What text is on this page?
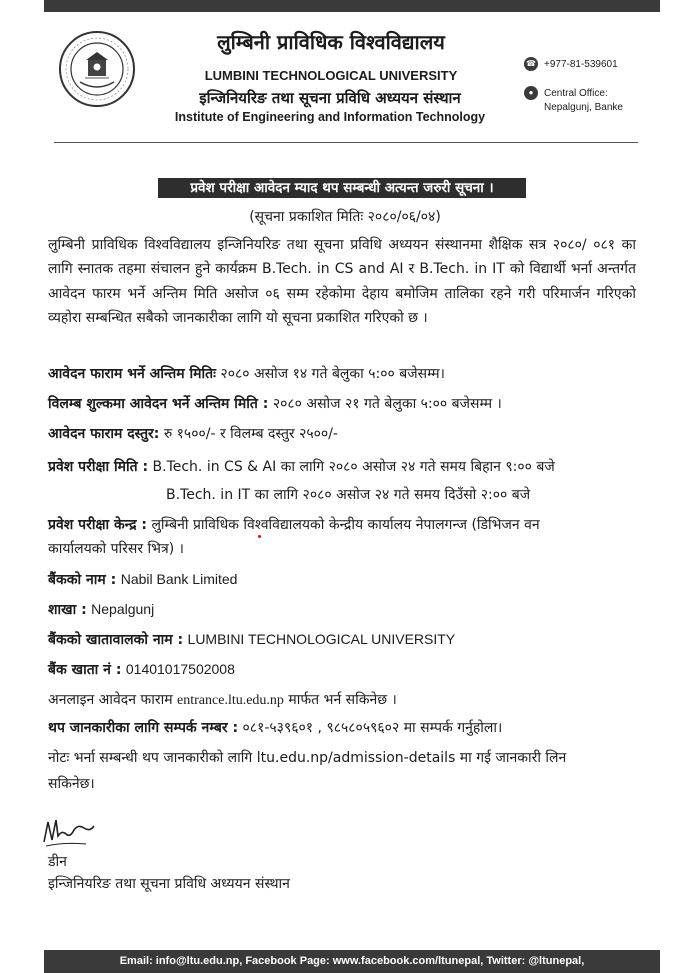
लुम्बिनी प्राविधिक विश्वविद्यालय
LUMBINI TECHNOLOGICAL UNIVERSITY
इन्जिनियरिङ तथा सूचना प्रविधि अध्ययन संस्थान
Institute of Engineering and Information Technology
☎ +977-81-539601
●	Central Office:
Nepalgunj, Banke
प्रवेश परीक्षा आवेदन म्याद थप सम्बन्धी अत्यन्त जरुरी सूचना ।
(सूचना प्रकाशित मितिः २०८०/०६/०४)
लुम्बिनी प्राविधिक विश्वविद्यालय इन्जिनियरिङ तथा सूचना प्रविधि अध्ययन संस्थानमा शैक्षिक सत्र २०८०/ ०८१ का लागि स्नातक तहमा संचालन हुने कार्यक्रम B.Tech. in CS and AI र B.Tech. in IT को विद्यार्थी भर्ना अन्तर्गत आवेदन फारम भर्ने अन्तिम मिति असोज ०६ सम्म रहेकोमा देहाय बमोजिम तालिका रहने गरी परिमार्जन गरिएको व्यहोरा सम्बन्धित सबैको जानकारीका लागि यो सूचना प्रकाशित गरिएको छ ।
आवेदन फाराम भर्ने अन्तिम मितिः २०८० असोज १४ गते बेलुका ५:०० बजेसम्म।
विलम्ब शुल्कमा आवेदन भर्ने अन्तिम मिति : २०८० असोज २१ गते बेलुका ५:०० बजेसम्म ।
आवेदन फाराम दस्तुर: रु १५००/- र विलम्ब दस्तुर २५००/-
प्रवेश परीक्षा मिति : B.Tech. in CS & AI का लागि २०८० असोज २४ गते समय बिहान ९:०० बजे
B.Tech. in IT का लागि २०८० असोज २४ गते समय दिउँसो २:०० बजे
प्रवेश परीक्षा केन्द्र : लुम्बिनी प्राविधिक विश्वविद्यालयको केन्द्रीय कार्यालय नेपालगन्ज (डिभिजन वन
कार्यालयको परिसर भित्र) ।
बैंकको नाम : Nabil Bank Limited
शाखा : Nepalgunj
बैंकको खातावालको नाम : LUMBINI TECHNOLOGICAL UNIVERSITY
बैंक खाता नं : 01401017502008
अनलाइन आवेदन फाराम entrance.ltu.edu.np मार्फत भर्न सकिनेछ ।
थप जानकारीका लागि सम्पर्क नम्बर : ०८१-५३९६०१ , ९८५८०५९६०२ मा सम्पर्क गर्नुहोला।
नोटः भर्ना सम्बन्धी थप जानकारीको लागि ltu.edu.np/admission-details मा गई जानकारी लिन
सकिनेछ।
डीन
इन्जिनियरिङ तथा सूचना प्रविधि अध्ययन संस्थान
Email: info@ltu.edu.np, Facebook Page: www.facebook.com/ltunepal, Twitter: @ltunepal,
